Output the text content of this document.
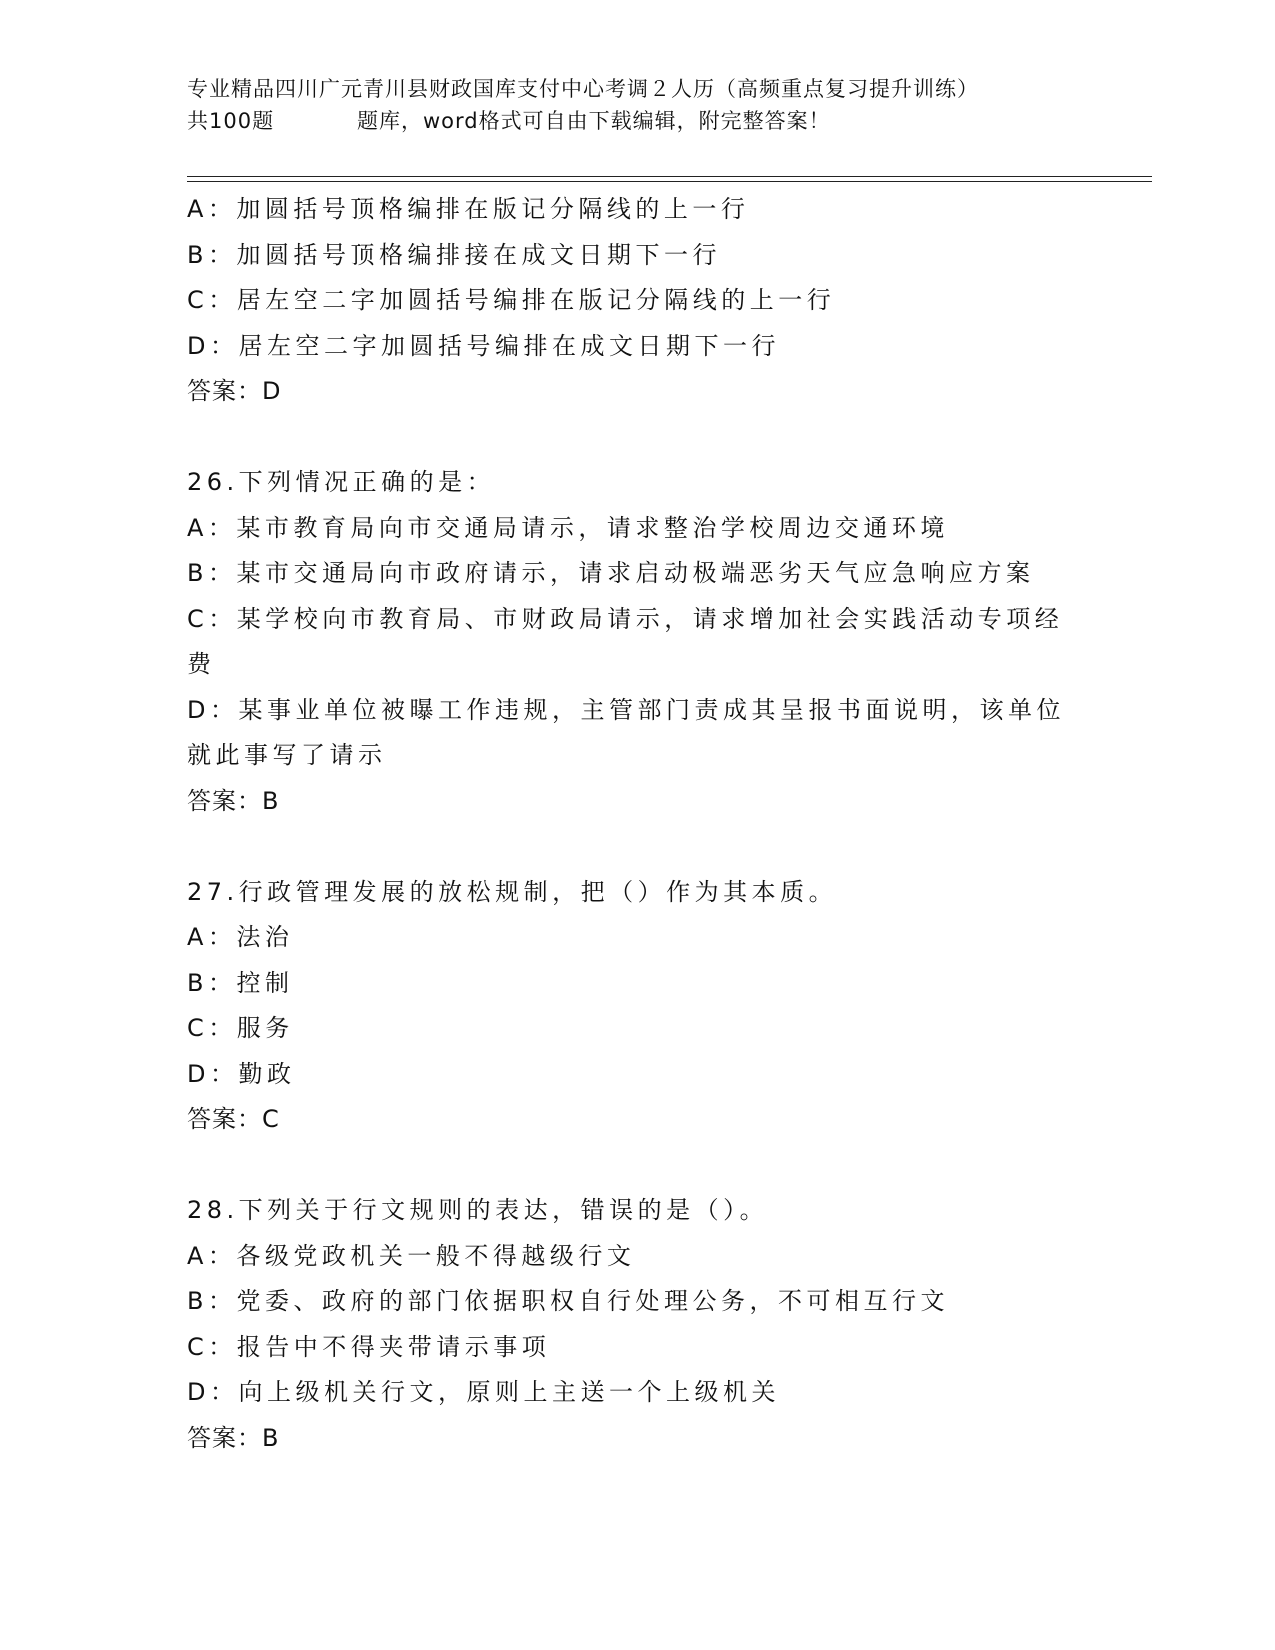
专业精品四川广元青川县财政国库支付中心考调２人历（高频重点复习提升训练）
共100题	题库，word格式可自由下载编辑，附完整答案！

A：加圆括号顶格编排在版记分隔线的上一行

B：加圆括号顶格编排接在成文日期下一行

C：居左空二字加圆括号编排在版记分隔线的上一行

D：居左空二字加圆括号编排在成文日期下一行

答案：D

26.下列情况正确的是：

A：某市教育局向市交通局请示，请求整治学校周边交通环境

B：某市交通局向市政府请示，请求启动极端恶劣天气应急响应方案

C：某学校向市教育局、市财政局请示，请求增加社会实践活动专项经

费

D：某事业单位被曝工作违规，主管部门责成其呈报书面说明，该单位

就此事写了请示

答案：B

27.行政管理发展的放松规制，把（）作为其本质。

A：法治

B：控制

C：服务

D：勤政

答案：C

28.下列关于行文规则的表达，错误的是（）。

A：各级党政机关一般不得越级行文

B：党委、政府的部门依据职权自行处理公务，不可相互行文

C：报告中不得夹带请示事项

D：向上级机关行文，原则上主送一个上级机关

答案：B
